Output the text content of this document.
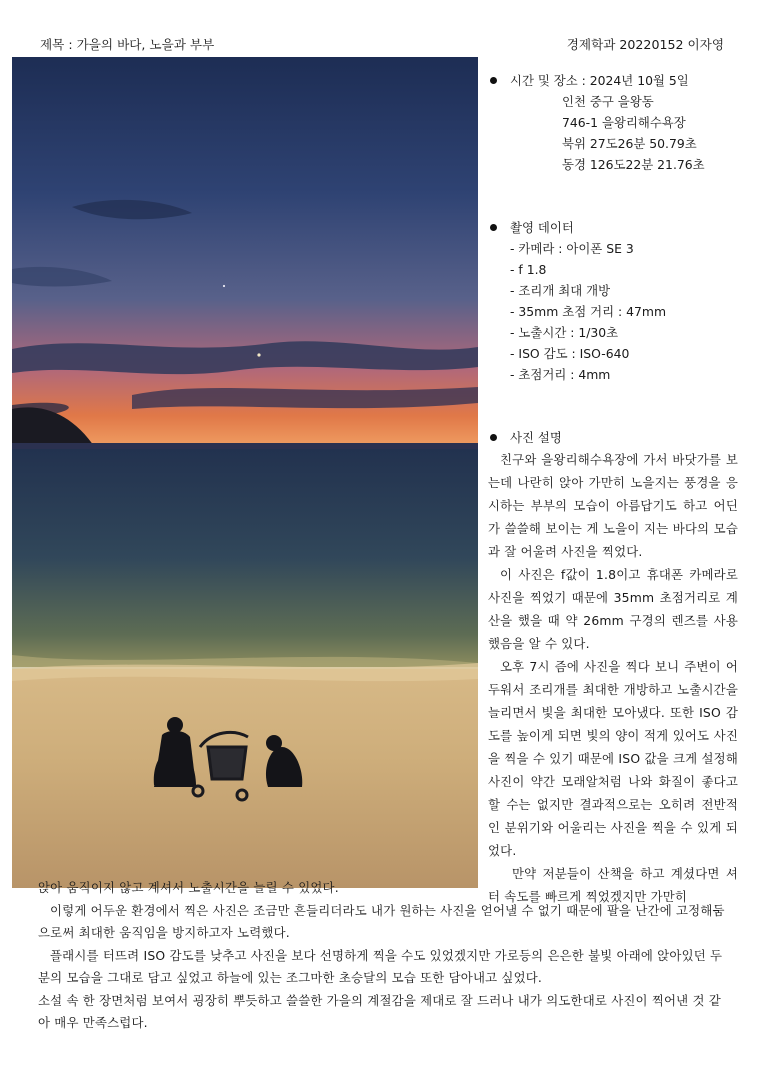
제목 : 가을의 바다, 노을과 부부	경제학과 20220152 이자영
시간 및 장소 : 2024년 10월 5일
인천 중구 을왕동
746-1 을왕리해수욕장
북위 27도26분 50.79초
동경 126도22분 21.76초
촬영 데이터
- 카메라 : 아이폰 SE 3
- f 1.8
- 조리개 최대 개방
- 35mm 초점 거리 : 47mm
- 노출시간 : 1/30초
- ISO 감도 : ISO-640
- 초점거리 : 4mm
사진 설명

친구와 을왕리해수욕장에 가서 바닷가를 보는데 나란히 앉아 가만히 노을지는 풍경을 응시하는 부부의 모습이 아름답기도 하고 어딘가 쓸쓸해 보이는 게 노을이 지는 바다의 모습과 잘 어울려 사진을 찍었다.

이 사진은 f값이 1.8이고 휴대폰 카메라로 사진을 찍었기 때문에 35mm 초점거리로 계산을 했을 때 약 26mm 구경의 렌즈를 사용했음을 알 수 있다.

오후 7시 즘에 사진을 찍다 보니 주변이 어두워서 조리개를 최대한 개방하고 노출시간을 늘리면서 빛을 최대한 모아냈다. 또한 ISO 감도를 높이게 되면 빛의 양이 적게 있어도 사진을 찍을 수 있기 때문에 ISO 값을 크게 설정해 사진이 약간 모래알처럼 나와 화질이 좋다고 할 수는 없지만 결과적으로는 오히려 전반적인 분위기와 어울리는 사진을 찍을 수 있게 되었다.

만약 저분들이 산책을 하고 계셨다면 셔터 속도를 빠르게 찍었겠지만 가만히

앉아 움직이지 않고 계셔서 노출시간을 늘릴 수 있었다.

이렇게 어두운 환경에서 찍은 사진은 조금만 흔들리더라도 내가 원하는 사진을 얻어낼 수 없기 때문에 팔을 난간에 고정해둠으로써 최대한 움직임을 방지하고자 노력했다.

플래시를 터뜨려 ISO 감도를 낮추고 사진을 보다 선명하게 찍을 수도 있었겠지만 가로등의 은은한 불빛 아래에 앉아있던 두 분의 모습을 그대로 담고 싶었고 하늘에 있는 조그마한 초승달의 모습 또한 담아내고 싶었다.

소설 속 한 장면처럼 보여서 굉장히 뿌듯하고 쓸쓸한 가을의 계절감을 제대로 잘 드러나 내가 의도한대로 사진이 찍어낸 것 같아 매우 만족스럽다.
